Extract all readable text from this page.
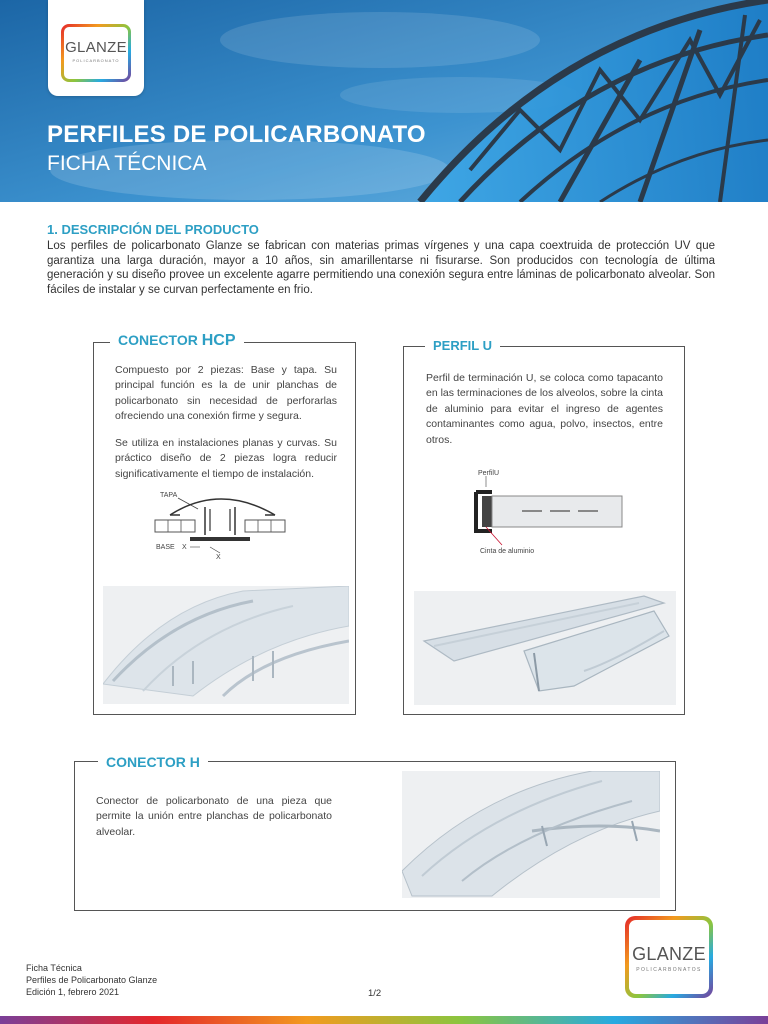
GLANZE
POLICARBONATO
PERFILES DE POLICARBONATO
FICHA TÉCNICA
1. DESCRIPCIÓN DEL PRODUCTO
Los perfiles de policarbonato Glanze se fabrican con materias primas vírgenes y una capa coextruida de protección UV que garantiza una larga duración, mayor a 10 años, sin amarillentarse ni fisurarse. Son producidos con tecnología de última generación y su diseño provee un excelente agarre permitiendo una conexión segura entre láminas de policarbonato alveolar. Son fáciles de instalar y se curvan perfectamente en frio.
CONECTOR HCP
Compuesto por 2 piezas: Base y tapa. Su principal función es la de unir planchas de policarbonato sin necesidad de perforarlas ofreciendo una conexión firme y segura.
Se utiliza en instalaciones planas y curvas. Su práctico diseño de 2 piezas logra reducir significativamente el tiempo de instalación.
TAPA
BASE X
X
PERFIL U
Perfil de terminación U, se coloca como tapacanto en las terminaciones de los alveolos, sobre la cinta de aluminio para evitar el ingreso de agentes contaminantes como agua, polvo, insectos, entre otros.
PerfilU
Cinta de aluminio
CONECTOR H
Conector de policarbonato de una pieza que permite la unión entre planchas de policarbonato alveolar.
Ficha Técnica
Perfiles de Policarbonato Glanze
Edición 1, febrero 2021	1/2
GLANZE
POLICARBONATOS
